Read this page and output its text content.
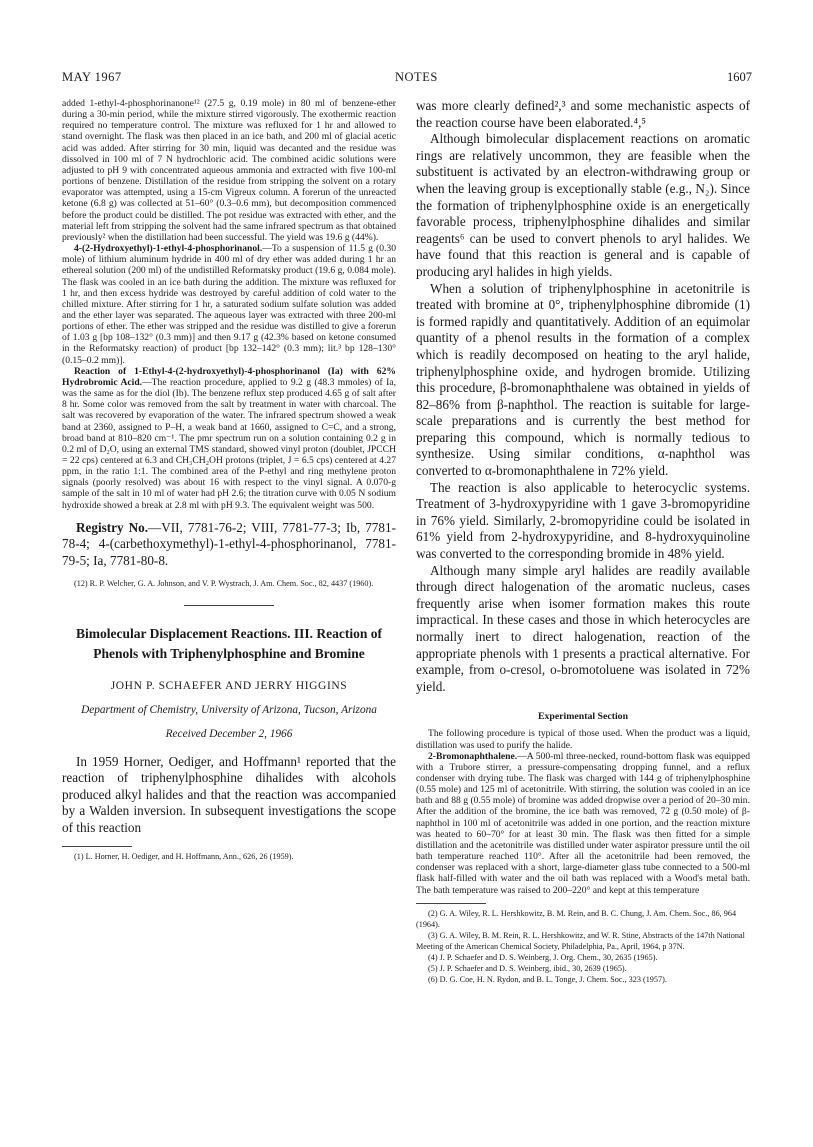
MAY 1967	NOTES	1607

added 1-ethyl-4-phosphorinanone¹² (27.5 g, 0.19 mole) in 80 ml of benzene-ether during a 30-min period, while the mixture stirred vigorously. The exothermic reaction required no temperature control. The mixture was refluxed for 1 hr and allowed to stand overnight. The flask was then placed in an ice bath, and 200 ml of glacial acetic acid was added. After stirring for 30 min, liquid was decanted and the residue was dissolved in 100 ml of 7 N hydrochloric acid. The combined acidic solutions were adjusted to pH 9 with concentrated aqueous ammonia and extracted with five 100-ml portions of benzene. Distillation of the residue from stripping the solvent on a rotary evaporator was attempted, using a 15-cm Vigreux column. A forerun of the unreacted ketone (6.8 g) was collected at 51–60° (0.3–0.6 mm), but decomposition commenced before the product could be distilled. The pot residue was extracted with ether, and the material left from stripping the solvent had the same infrared spectrum as that obtained previously² when the distillation had been successful. The yield was 19.6 g (44%).

4-(2-Hydroxyethyl)-1-ethyl-4-phosphorinanol.—To a suspension of 11.5 g (0.30 mole) of lithium aluminum hydride in 400 ml of dry ether was added during 1 hr an ethereal solution (200 ml) of the undistilled Reformatsky product (19.6 g, 0.084 mole). The flask was cooled in an ice bath during the addition. The mixture was refluxed for 1 hr, and then excess hydride was destroyed by careful addition of cold water to the chilled mixture. After stirring for 1 hr, a saturated sodium sulfate solution was added and the ether layer was separated. The aqueous layer was extracted with three 200-ml portions of ether. The ether was stripped and the residue was distilled to give a forerun of 1.03 g [bp 108–132° (0.3 mm)] and then 9.17 g (42.3% based on ketone consumed in the Reformatsky reaction) of product [bp 132–142° (0.3 mm); lit.³ bp 128–130° (0.15–0.2 mm)].

Reaction of 1-Ethyl-4-(2-hydroxyethyl)-4-phosphorinanol (Ia) with 62% Hydrobromic Acid.—The reaction procedure, applied to 9.2 g (48.3 mmoles) of Ia, was the same as for the diol (Ib). The benzene reflux step produced 4.65 g of salt after 8 hr. Some color was removed from the salt by treatment in water with charcoal. The salt was recovered by evaporation of the water. The infrared spectrum showed a weak band at 2360, assigned to P–H, a weak band at 1660, assigned to C=C, and a strong, broad band at 810–820 cm⁻¹. The pmr spectrum run on a solution containing 0.2 g in 0.2 ml of D₂O, using an external TMS standard, showed vinyl proton (doublet, JPCCH = 22 cps) centered at 6.3 and CH₃CH₂OH protons (triplet, J = 6.5 cps) centered at 4.27 ppm, in the ratio 1:1. The combined area of the P-ethyl and ring methylene proton signals (poorly resolved) was about 16 with respect to the vinyl signal. A 0.070-g sample of the salt in 10 ml of water had pH 2.6; the titration curve with 0.05 N sodium hydroxide showed a break at 2.8 ml with pH 9.3. The equivalent weight was 500.

Registry No.—VII, 7781-76-2; VIII, 7781-77-3; Ib, 7781-78-4; 4-(carbethoxymethyl)-1-ethyl-4-phosphorinanol, 7781-79-5; Ia, 7781-80-8.

(12) R. P. Welcher, G. A. Johnson, and V. P. Wystrach, J. Am. Chem. Soc., 82, 4437 (1960).

Bimolecular Displacement Reactions. III. Reaction of Phenols with Triphenylphosphine and Bromine

JOHN P. SCHAEFER AND JERRY HIGGINS

Department of Chemistry, University of Arizona, Tucson, Arizona

Received December 2, 1966

In 1959 Horner, Oediger, and Hoffmann¹ reported that the reaction of triphenylphosphine dihalides with alcohols produced alkyl halides and that the reaction was accompanied by a Walden inversion. In subsequent investigations the scope of this reaction

(1) L. Horner, H. Oediger, and H. Hoffmann, Ann., 626, 26 (1959).

was more clearly defined²,³ and some mechanistic aspects of the reaction course have been elaborated.⁴,⁵

Although bimolecular displacement reactions on aromatic rings are relatively uncommon, they are feasible when the substituent is activated by an electron-withdrawing group or when the leaving group is exceptionally stable (e.g., N₂). Since the formation of triphenylphosphine oxide is an energetically favorable process, triphenylphosphine dihalides and similar reagents⁶ can be used to convert phenols to aryl halides. We have found that this reaction is general and is capable of producing aryl halides in high yields.

When a solution of triphenylphosphine in acetonitrile is treated with bromine at 0°, triphenylphosphine dibromide (1) is formed rapidly and quantitatively. Addition of an equimolar quantity of a phenol results in the formation of a complex which is readily decomposed on heating to the aryl halide, triphenylphosphine oxide, and hydrogen bromide. Utilizing this procedure, β-bromonaphthalene was obtained in yields of 82–86% from β-naphthol. The reaction is suitable for large-scale preparations and is currently the best method for preparing this compound, which is normally tedious to synthesize. Using similar conditions, α-naphthol was converted to α-bromonaphthalene in 72% yield.

The reaction is also applicable to heterocyclic systems. Treatment of 3-hydroxypyridine with 1 gave 3-bromopyridine in 76% yield. Similarly, 2-bromopyridine could be isolated in 61% yield from 2-hydroxypyridine, and 8-hydroxyquinoline was converted to the corresponding bromide in 48% yield.

Although many simple aryl halides are readily available through direct halogenation of the aromatic nucleus, cases frequently arise when isomer formation makes this route impractical. In these cases and those in which heterocycles are normally inert to direct halogenation, reaction of the appropriate phenols with 1 presents a practical alternative. For example, from o-cresol, o-bromotoluene was isolated in 72% yield.

Experimental Section

The following procedure is typical of those used. When the product was a liquid, distillation was used to purify the halide.

2-Bromonaphthalene.—A 500-ml three-necked, round-bottom flask was equipped with a Trubore stirrer, a pressure-compensating dropping funnel, and a reflux condenser with drying tube. The flask was charged with 144 g of triphenylphosphine (0.55 mole) and 125 ml of acetonitrile. With stirring, the solution was cooled in an ice bath and 88 g (0.55 mole) of bromine was added dropwise over a period of 20–30 min. After the addition of the bromine, the ice bath was removed, 72 g (0.50 mole) of β-naphthol in 100 ml of acetonitrile was added in one portion, and the reaction mixture was heated to 60–70° for at least 30 min. The flask was then fitted for a simple distillation and the acetonitrile was distilled under water aspirator pressure until the oil bath temperature reached 110°. After all the acetonitrile had been removed, the condenser was replaced with a short, large-diameter glass tube connected to a 500-ml flask half-filled with water and the oil bath was replaced with a Wood's metal bath. The bath temperature was raised to 200–220° and kept at this temperature

(2) G. A. Wiley, R. L. Hershkowitz, B. M. Rein, and B. C. Chung, J. Am. Chem. Soc., 86, 964 (1964).

(3) G. A. Wiley, B. M. Rein, R. L. Hershkowitz, and W. R. Stine, Abstracts of the 147th National Meeting of the American Chemical Society, Philadelphia, Pa., April, 1964, p 37N.

(4) J. P. Schaefer and D. S. Weinberg, J. Org. Chem., 30, 2635 (1965).

(5) J. P. Schaefer and D. S. Weinberg, ibid., 30, 2639 (1965).

(6) D. G. Coe, H. N. Rydon, and B. L. Tonge, J. Chem. Soc., 323 (1957).
